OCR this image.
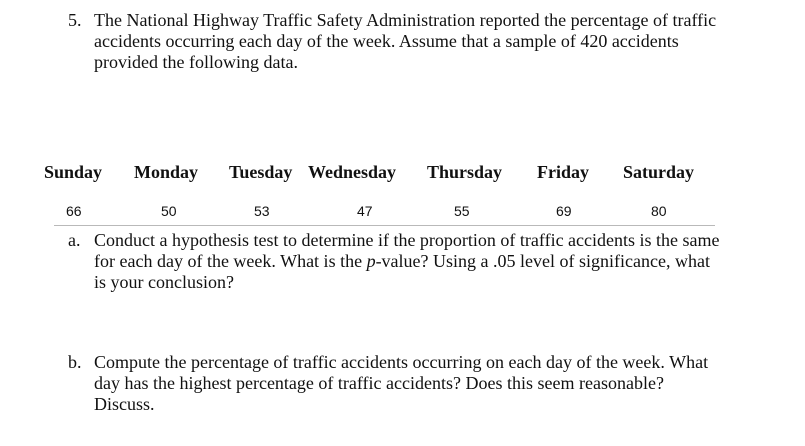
5. The National Highway Traffic Safety Administration reported the percentage of traffic accidents occurring each day of the week. Assume that a sample of 420 accidents provided the following data.
Sunday Monday Tuesday Wednesday Thursday Friday Saturday
66	50	53	47	55	69	80
a. Conduct a hypothesis test to determine if the proportion of traffic accidents is the same for each day of the week. What is the p-value? Using a .05 level of significance, what is your conclusion?
b. Compute the percentage of traffic accidents occurring on each day of the week. What day has the highest percentage of traffic accidents? Does this seem reasonable? Discuss.
